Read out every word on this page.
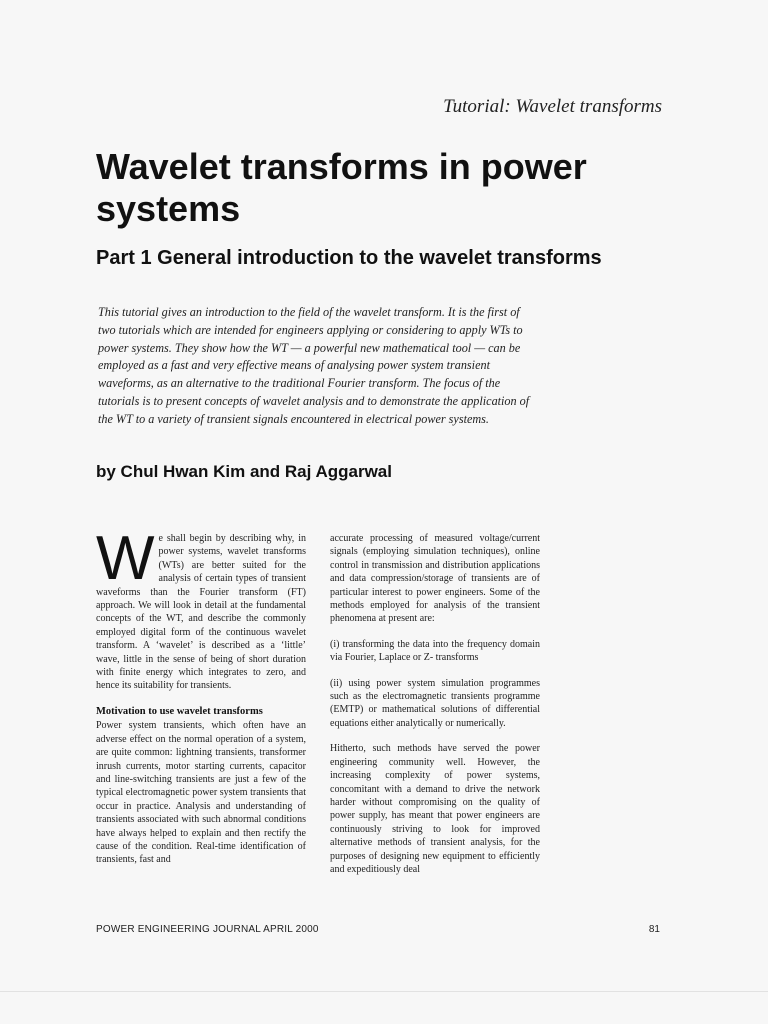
Tutorial: Wavelet transforms
Wavelet transforms in power systems
Part 1 General introduction to the wavelet transforms

This tutorial gives an introduction to the field of the wavelet transform. It is the first of two tutorials which are intended for engineers applying or considering to apply WTs to power systems. They show how the WT — a powerful new mathematical tool — can be employed as a fast and very effective means of analysing power system transient waveforms, as an alternative to the traditional Fourier transform. The focus of the tutorials is to present concepts of wavelet analysis and to demonstrate the application of the WT to a variety of transient signals encountered in electrical power systems.

by Chul Hwan Kim and Raj Aggarwal

We shall begin by describing why, in power systems, wavelet transforms (WTs) are better suited for the analysis of certain types of transient waveforms than the Fourier transform (FT) approach. We will look in detail at the fundamental concepts of the WT, and describe the commonly employed digital form of the continuous wavelet transform. A ‘wavelet’ is described as a ‘little’ wave, little in the sense of being of short duration with finite energy which integrates to zero, and hence its suitability for transients.

Motivation to use wavelet transforms

Power system transients, which often have an adverse effect on the normal operation of a system, are quite common: lightning transients, transformer inrush currents, motor starting currents, capacitor and line-switching transients are just a few of the typical electromagnetic power system transients that occur in practice. Analysis and understanding of transients associated with such abnormal conditions have always helped to explain and then rectify the cause of the condition. Real-time identification of transients, fast and

accurate processing of measured voltage/current signals (employing simulation techniques), online control in transmission and distribution applications and data compression/storage of transients are of particular interest to power engineers. Some of the methods employed for analysis of the transient phenomena at present are:

(i) transforming the data into the frequency domain via Fourier, Laplace or Z- transforms

(ii) using power system simulation programmes such as the electromagnetic transients programme (EMTP) or mathematical solutions of differential equations either analytically or numerically.

Hitherto, such methods have served the power engineering community well. However, the increasing complexity of power systems, concomitant with a demand to drive the network harder without compromising on the quality of power supply, has meant that power engineers are continuously striving to look for improved alternative methods of transient analysis, for the purposes of designing new equipment to efficiently and expeditiously deal

POWER ENGINEERING JOURNAL APRIL 2000	81
